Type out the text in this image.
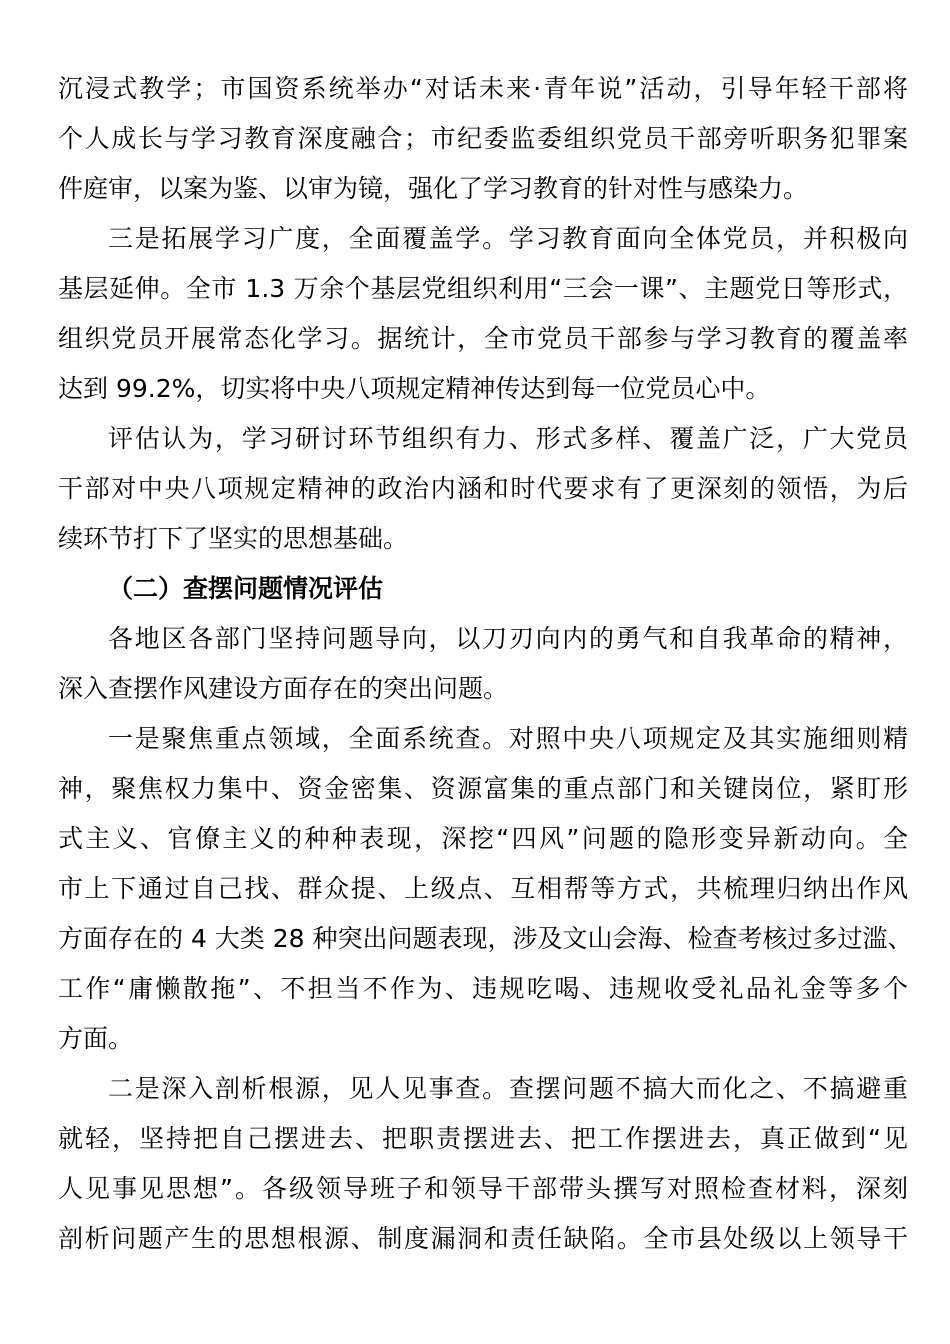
沉浸式教学；市国资系统举办“对话未来·青年说”活动，引导年轻干部将
个人成长与学习教育深度融合；市纪委监委组织党员干部旁听职务犯罪案
件庭审，以案为鉴、以审为镜，强化了学习教育的针对性与感染力。
三是拓展学习广度，全面覆盖学。学习教育面向全体党员，并积极向
基层延伸。全市 1.3 万余个基层党组织利用“三会一课”、主题党日等形式，
组织党员开展常态化学习。据统计，全市党员干部参与学习教育的覆盖率
达到 99.2%，切实将中央八项规定精神传达到每一位党员心中。
评估认为，学习研讨环节组织有力、形式多样、覆盖广泛，广大党员
干部对中央八项规定精神的政治内涵和时代要求有了更深刻的领悟，为后
续环节打下了坚实的思想基础。
（二）查摆问题情况评估
各地区各部门坚持问题导向，以刀刃向内的勇气和自我革命的精神，
深入查摆作风建设方面存在的突出问题。
一是聚焦重点领域，全面系统查。对照中央八项规定及其实施细则精
神，聚焦权力集中、资金密集、资源富集的重点部门和关键岗位，紧盯形
式主义、官僚主义的种种表现，深挖“四风”问题的隐形变异新动向。全
市上下通过自己找、群众提、上级点、互相帮等方式，共梳理归纳出作风
方面存在的 4 大类 28 种突出问题表现，涉及文山会海、检查考核过多过滥、
工作“庸懒散拖”、不担当不作为、违规吃喝、违规收受礼品礼金等多个
方面。
二是深入剖析根源，见人见事查。查摆问题不搞大而化之、不搞避重
就轻，坚持把自己摆进去、把职责摆进去、把工作摆进去，真正做到“见
人见事见思想”。各级领导班子和领导干部带头撰写对照检查材料，深刻
剖析问题产生的思想根源、制度漏洞和责任缺陷。全市县处级以上领导干
